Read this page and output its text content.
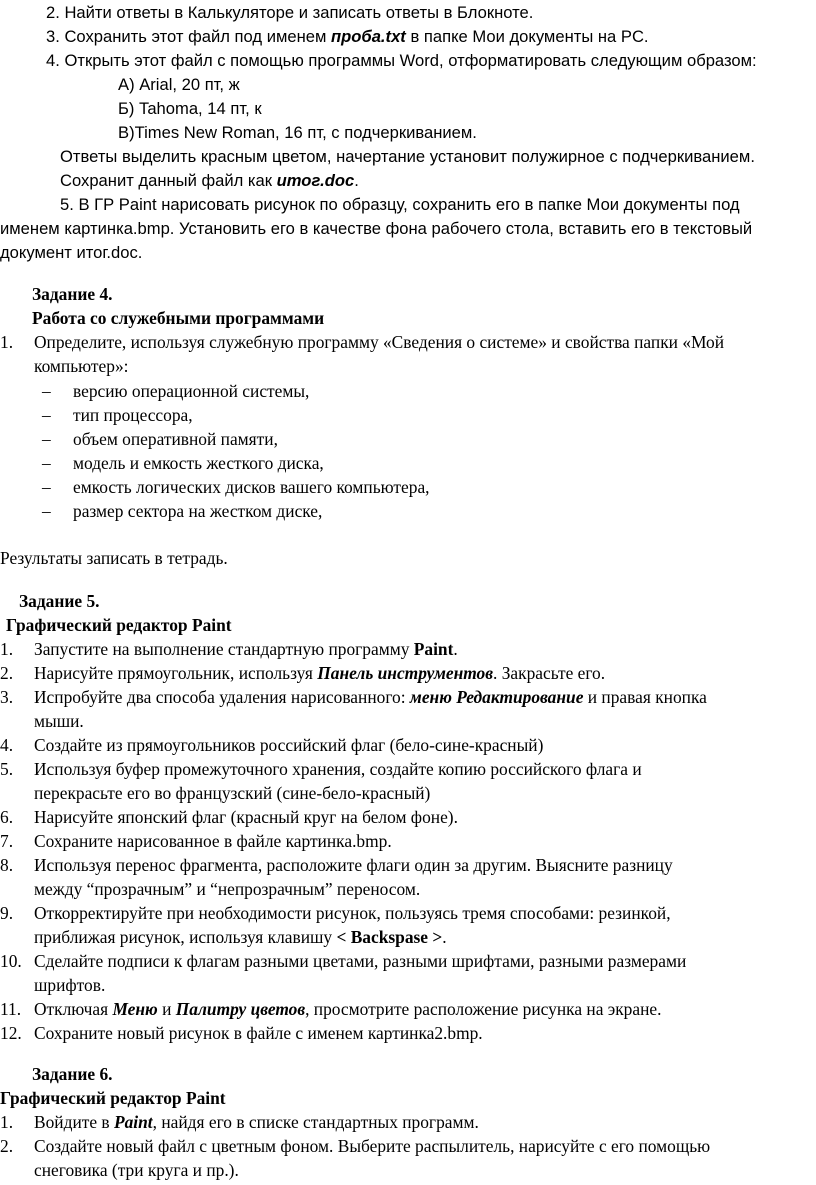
2. Найти ответы в Калькуляторе и записать ответы в Блокноте.
3. Сохранить этот файл под именем проба.txt в папке Мои документы на PC.
4. Открыть этот файл с помощью программы Word, отформатировать следующим образом:
А) Arial, 20 пт, ж
Б) Tahoma, 14 пт, к
В)Times New Roman, 16 пт, с подчеркиванием.
Ответы выделить красным цветом, начертание установит полужирное с подчеркиванием.
Сохранит данный файл как итог.doc.
5. В ГР Paint нарисовать рисунок по образцу, сохранить его в папке Мои документы под
именем картинка.bmp. Установить его в качестве фона рабочего стола, вставить его в текстовый
документ итог.doc.
Задание 4.
Работа со служебными программами
1. Определите, используя служебную программу «Сведения о системе» и свойства папки «Мой
компьютер»:
– версию операционной системы,
– тип процессора,
– объем оперативной памяти,
– модель и емкость жесткого диска,
– емкость логических дисков вашего компьютера,
– размер сектора на жестком диске,
Результаты записать в тетрадь.
Задание 5.
Графический редактор Paint
1. Запустите на выполнение стандартную программу Paint.
2. Нарисуйте прямоугольник, используя Панель инструментов. Закрасьте его.
3. Испробуйте два способа удаления нарисованного: меню Редактирование и правая кнопка
мыши.
4. Создайте из прямоугольников российский флаг (бело-сине-красный)
5. Используя буфер промежуточного хранения, создайте копию российского флага и
перекрасьте его во французский (сине-бело-красный)
6. Нарисуйте японский флаг (красный круг на белом фоне).
7. Сохраните нарисованное в файле картинка.bmp.
8. Используя перенос фрагмента, расположите флаги один за другим. Выясните разницу
между “прозрачным” и “непрозрачным” переносом.
9. Откорректируйте при необходимости рисунок, пользуясь тремя способами: резинкой,
приближая рисунок, используя клавишу < Backspase >.
10. Сделайте подписи к флагам разными цветами, разными шрифтами, разными размерами
шрифтов.
11. Отключая Меню и Палитру цветов, просмотрите расположение рисунка на экране.
12. Сохраните новый рисунок в файле с именем картинка2.bmp.
Задание 6.
Графический редактор Paint
1. Войдите в Paint, найдя его в списке стандартных программ.
2. Создайте новый файл с цветным фоном. Выберите распылитель, нарисуйте с его помощью
снеговика (три круга и пр.).
